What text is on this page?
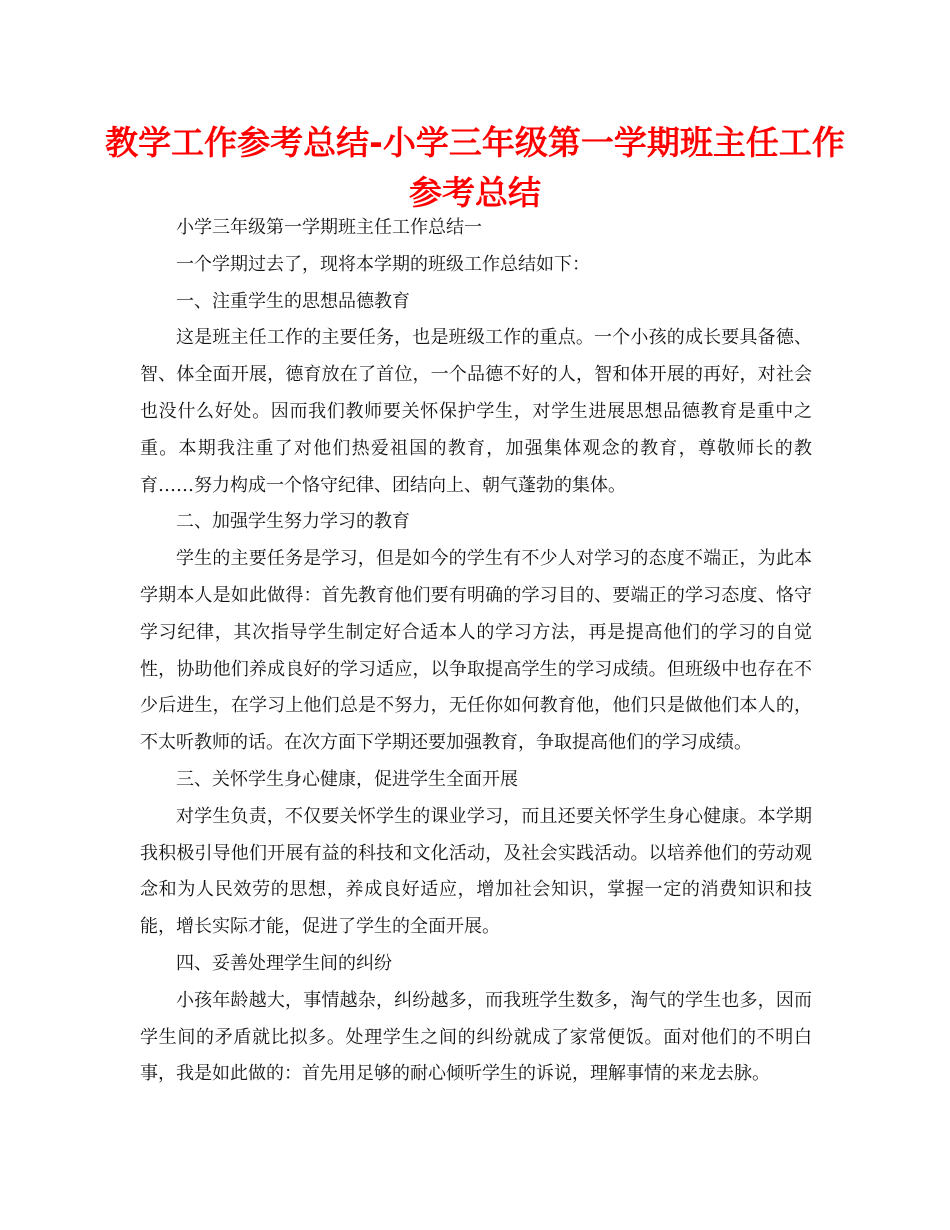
教学工作参考总结-小学三年级第一学期班主任工作参考总结

小学三年级第一学期班主任工作总结一

一个学期过去了，现将本学期的班级工作总结如下：

一、注重学生的思想品德教育

这是班主任工作的主要任务，也是班级工作的重点。一个小孩的成长要具备德、智、体全面开展，德育放在了首位，一个品德不好的人，智和体开展的再好，对社会也没什么好处。因而我们教师要关怀保护学生，对学生进展思想品德教育是重中之重。本期我注重了对他们热爱祖国的教育，加强集体观念的教育，尊敬师长的教育……努力构成一个恪守纪律、团结向上、朝气蓬勃的集体。

二、加强学生努力学习的教育

学生的主要任务是学习，但是如今的学生有不少人对学习的态度不端正，为此本学期本人是如此做得：首先教育他们要有明确的学习目的、要端正的学习态度、恪守学习纪律，其次指导学生制定好合适本人的学习方法，再是提高他们的学习的自觉性，协助他们养成良好的学习适应，以争取提高学生的学习成绩。但班级中也存在不少后进生，在学习上他们总是不努力，无任你如何教育他，他们只是做他们本人的，不太听教师的话。在次方面下学期还要加强教育，争取提高他们的学习成绩。

三、关怀学生身心健康，促进学生全面开展

对学生负责，不仅要关怀学生的课业学习，而且还要关怀学生身心健康。本学期我积极引导他们开展有益的科技和文化活动，及社会实践活动。以培养他们的劳动观念和为人民效劳的思想，养成良好适应，增加社会知识，掌握一定的消费知识和技能，增长实际才能，促进了学生的全面开展。

四、妥善处理学生间的纠纷

小孩年龄越大，事情越杂，纠纷越多，而我班学生数多，淘气的学生也多，因而学生间的矛盾就比拟多。处理学生之间的纠纷就成了家常便饭。面对他们的不明白事，我是如此做的：首先用足够的耐心倾听学生的诉说，理解事情的来龙去脉。
